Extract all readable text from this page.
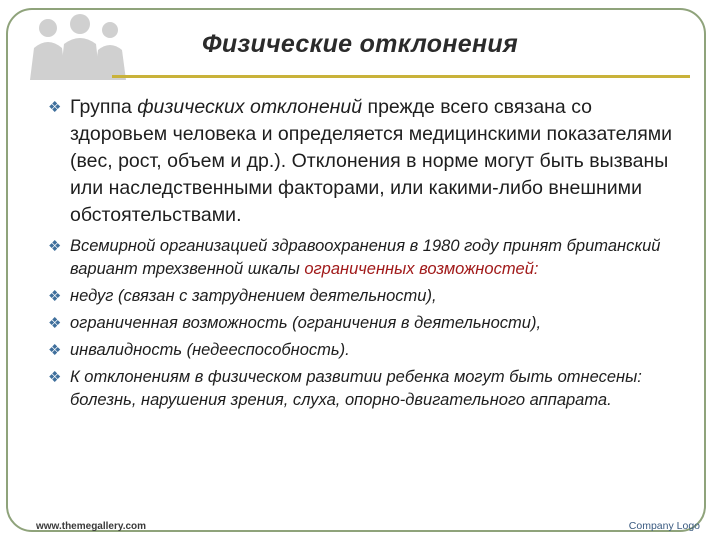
Физические отклонения
❖ Группа физических отклонений прежде всего связана со здоровьем человека и определяется медицинскими показателями (вес, рост, объем и др.). Отклонения в норме могут быть вызваны или наследственными факторами, или какими-либо внешними обстоятельствами.
❖ Всемирной организацией здравоохранения в 1980 году принят британский вариант трехзвенной шкалы ограниченных возможностей:
❖ недуг (связан с затруднением деятельности),
❖ ограниченная возможность (ограничения в деятельности),
❖ инвалидность (недееспособность).
❖ К отклонениям в физическом развитии ребенка могут быть отнесены: болезнь, нарушения зрения, слуха, опорно-двигательного аппарата.
www.themegallery.com	Company Logo
